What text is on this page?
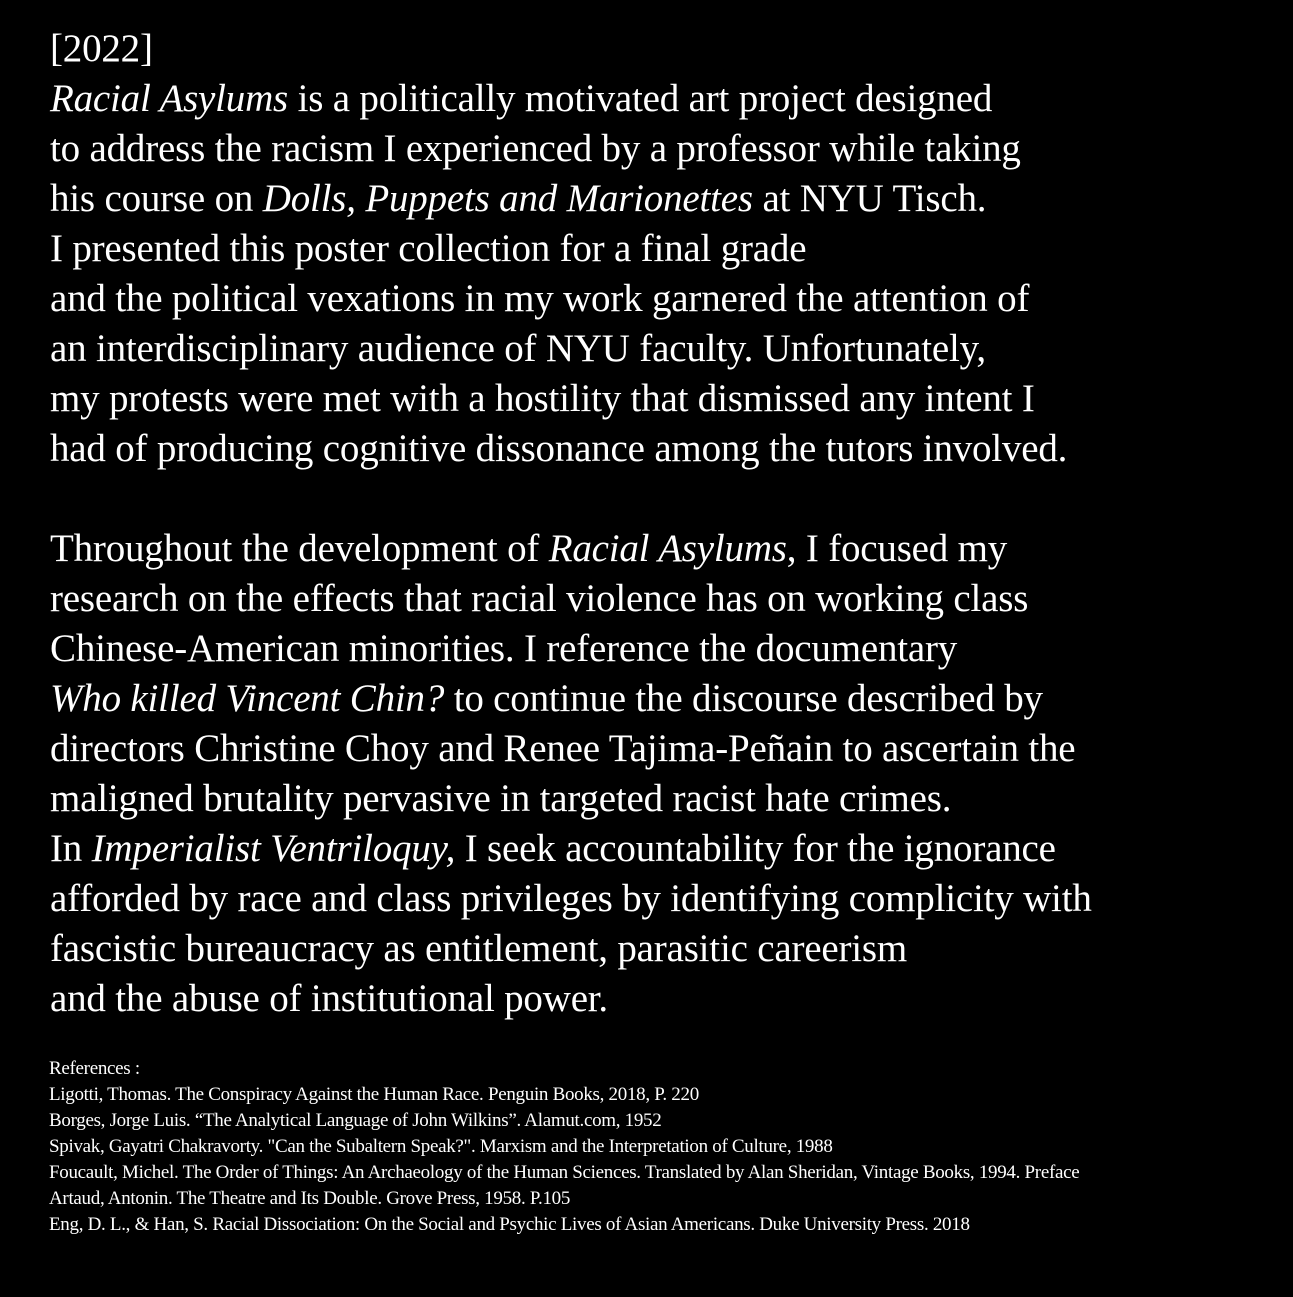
[2022]
Racial Asylums is a politically motivated art project designed
to address the racism I experienced by a professor while taking
his course on Dolls, Puppets and Marionettes at NYU Tisch.
I presented this poster collection for a final grade
and the political vexations in my work garnered the attention of
an interdisciplinary audience of NYU faculty. Unfortunately,
my protests were met with a hostility that dismissed any intent I
had of producing cognitive dissonance among the tutors involved.
Throughout the development of Racial Asylums, I focused my
research on the effects that racial violence has on working class
Chinese-American minorities. I reference the documentary
Who killed Vincent Chin? to continue the discourse described by
directors Christine Choy and Renee Tajima-Peñain to ascertain the
maligned brutality pervasive in targeted racist hate crimes.
In Imperialist Ventriloquy, I seek accountability for the ignorance
afforded by race and class privileges by identifying complicity with
fascistic bureaucracy as entitlement, parasitic careerism
and the abuse of institutional power.
References :
Ligotti, Thomas. The Conspiracy Against the Human Race. Penguin Books, 2018, P. 220
Borges, Jorge Luis. “The Analytical Language of John Wilkins”. Alamut.com, 1952
Spivak, Gayatri Chakravorty. "Can the Subaltern Speak?". Marxism and the Interpretation of Culture, 1988
Foucault, Michel. The Order of Things: An Archaeology of the Human Sciences. Translated by Alan Sheridan, Vintage Books, 1994. Preface
Artaud, Antonin. The Theatre and Its Double. Grove Press, 1958. P.105
Eng, D. L., & Han, S. Racial Dissociation: On the Social and Psychic Lives of Asian Americans. Duke University Press. 2018
